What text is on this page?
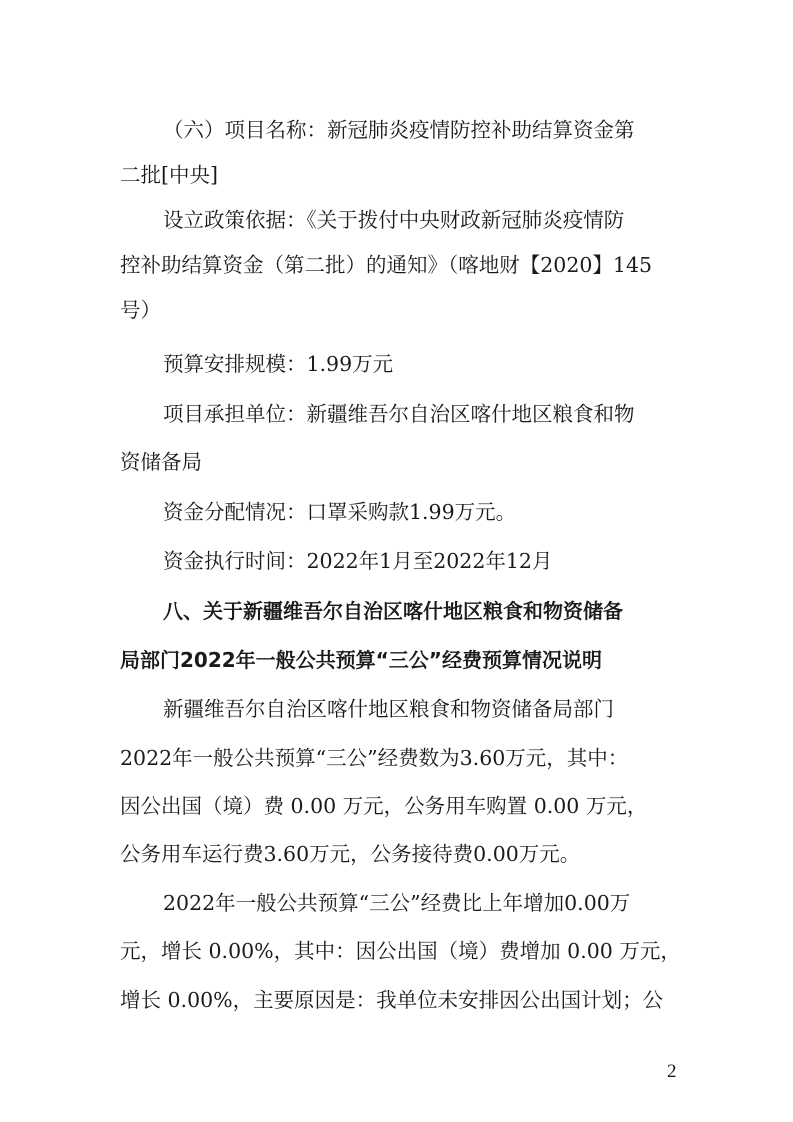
（六）项目名称：新冠肺炎疫情防控补助结算资金第
二批[中央]
设立政策依据：《关于拨付中央财政新冠肺炎疫情防
控补助结算资金（第二批）的通知》（喀地财【2020】145
号）
预算安排规模：1.99万元
项目承担单位：新疆维吾尔自治区喀什地区粮食和物
资储备局
资金分配情况：口罩采购款1.99万元。
资金执行时间：2022年1月至2022年12月
八、关于新疆维吾尔自治区喀什地区粮食和物资储备
局部门2022年一般公共预算“三公”经费预算情况说明
新疆维吾尔自治区喀什地区粮食和物资储备局部门
2022年一般公共预算“三公”经费数为3.60万元，其中：
因公出国（境）费 0.00 万元，公务用车购置 0.00 万元，
公务用车运行费3.60万元，公务接待费0.00万元。
2022年一般公共预算“三公”经费比上年增加0.00万
元，增长 0.00%，其中：因公出国（境）费增加 0.00 万元，
增长 0.00%，主要原因是：我单位未安排因公出国计划；公
2
